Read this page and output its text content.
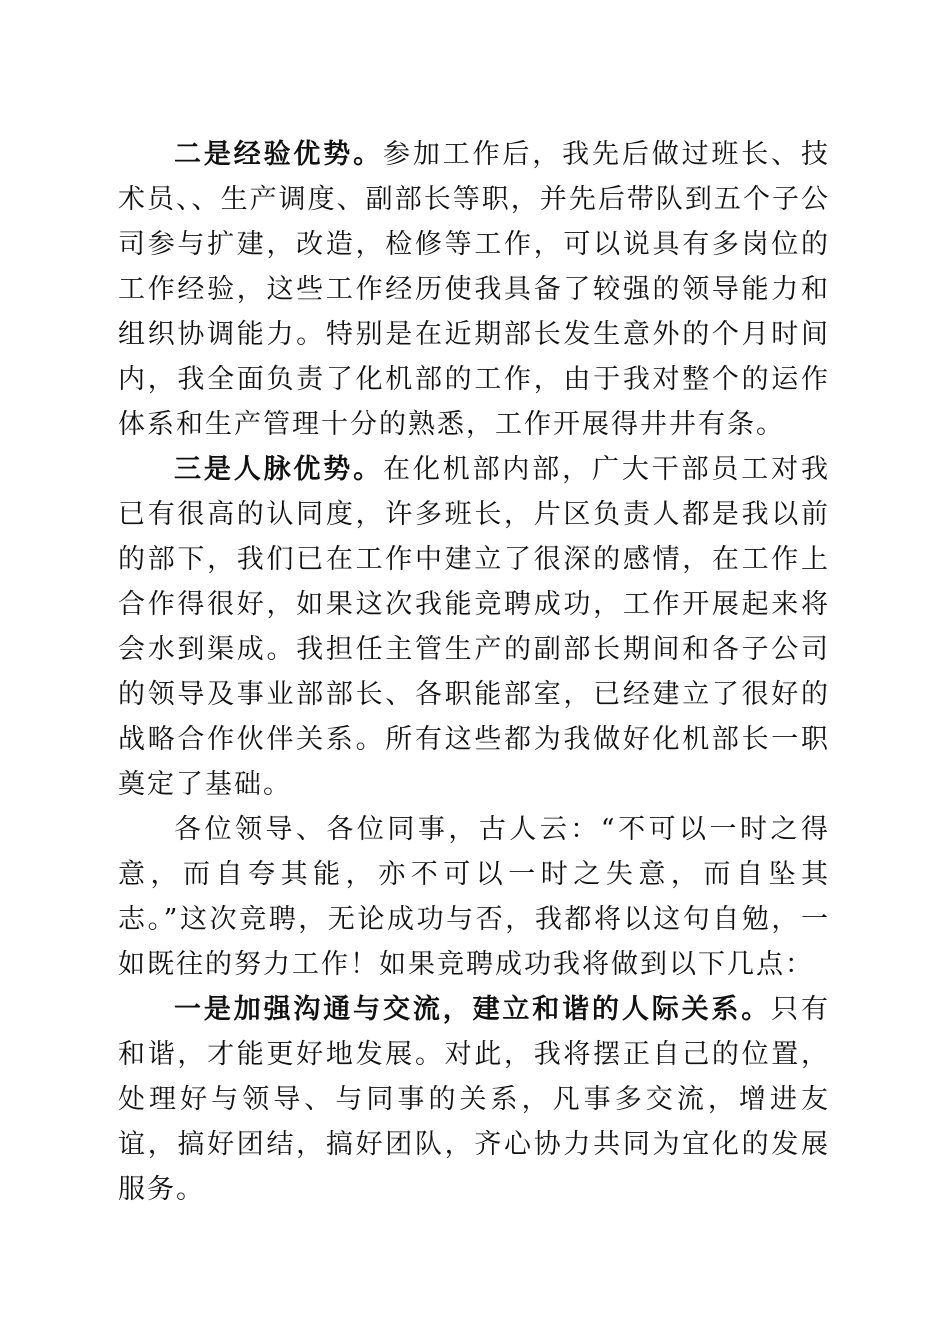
二是经验优势。参加工作后，我先后做过班长、技术员、、生产调度、副部长等职，并先后带队到五个子公司参与扩建，改造，检修等工作，可以说具有多岗位的工作经验，这些工作经历使我具备了较强的领导能力和组织协调能力。特别是在近期部长发生意外的个月时间内，我全面负责了化机部的工作，由于我对整个的运作体系和生产管理十分的熟悉，工作开展得井井有条。

三是人脉优势。在化机部内部，广大干部员工对我已有很高的认同度，许多班长，片区负责人都是我以前的部下，我们已在工作中建立了很深的感情，在工作上合作得很好，如果这次我能竞聘成功，工作开展起来将会水到渠成。我担任主管生产的副部长期间和各子公司的领导及事业部部长、各职能部室，已经建立了很好的战略合作伙伴关系。所有这些都为我做好化机部长一职奠定了基础。

各位领导、各位同事，古人云：“不可以一时之得意，而自夸其能，亦不可以一时之失意，而自坠其志。”这次竞聘，无论成功与否，我都将以这句自勉，一如既往的努力工作！如果竞聘成功我将做到以下几点：

一是加强沟通与交流，建立和谐的人际关系。只有和谐，才能更好地发展。对此，我将摆正自己的位置，处理好与领导、与同事的关系，凡事多交流，增进友谊，搞好团结，搞好团队，齐心协力共同为宜化的发展服务。
